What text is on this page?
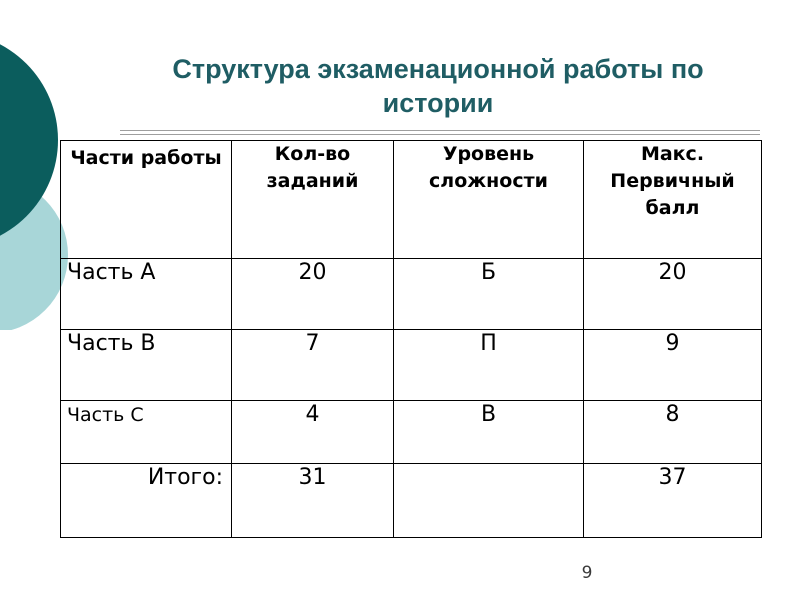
Структура экзаменационной работы по истории
Части работы	Кол-во заданий	Уровень сложности	Макс. Первичный балл
Часть А	20	Б	20
Часть В	7	П	9
Часть С	4	В	8
Итого:	31		37
9
